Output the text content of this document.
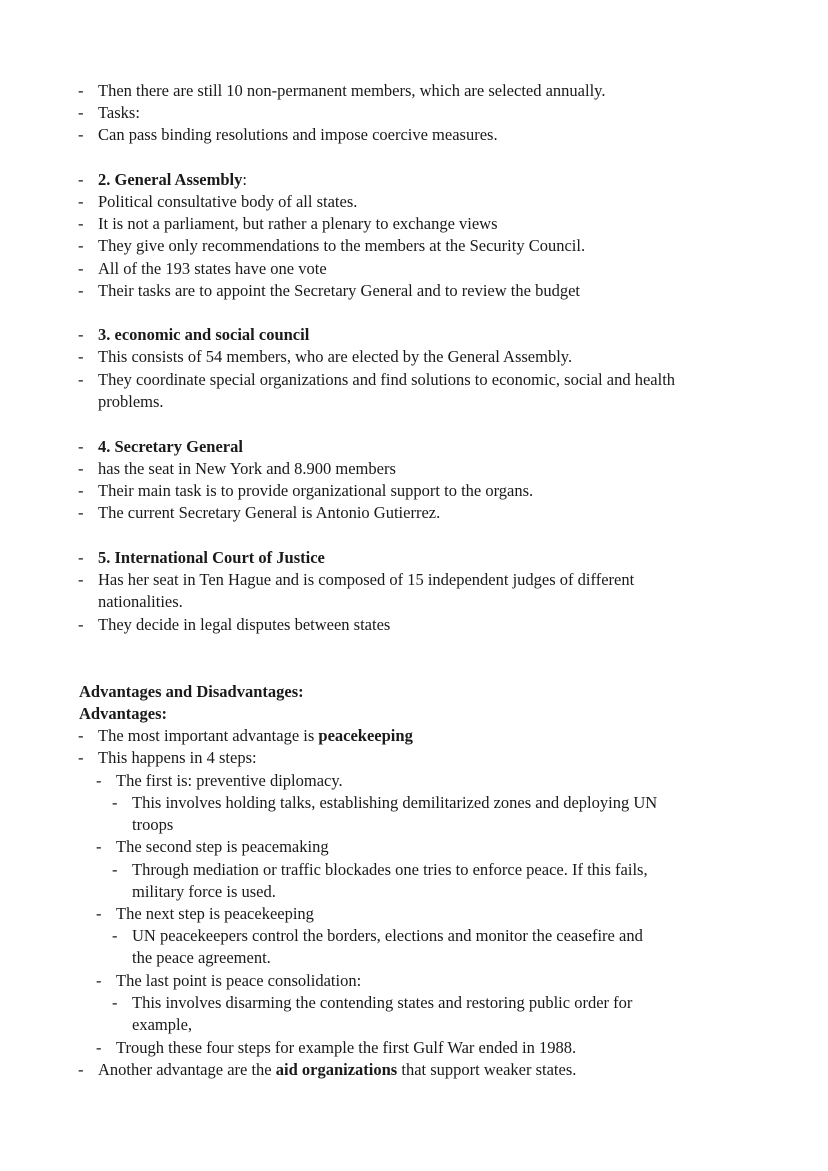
- Then there are still 10 non-permanent members, which are selected annually.
- Tasks:
- Can pass binding resolutions and impose coercive measures.
- 2. General Assembly:
- Political consultative body of all states.
- It is not a parliament, but rather a plenary to exchange views
- They give only recommendations to the members at the Security Council.
- All of the 193 states have one vote
- Their tasks are to appoint the Secretary General and to review the budget
- 3. economic and social council
- This consists of 54 members, who are elected by the General Assembly.
- They coordinate special organizations and find solutions to economic, social and health
problems.
- 4. Secretary General
- has the seat in New York and 8.900 members
- Their main task is to provide organizational support to the organs.
- The current Secretary General is Antonio Gutierrez.
- 5. International Court of Justice
- Has her seat in Ten Hague and is composed of 15 independent judges of different
nationalities.
- They decide in legal disputes between states
Advantages and Disadvantages:
Advantages:
- The most important advantage is peacekeeping
- This happens in 4 steps:
- The first is: preventive diplomacy.
- This involves holding talks, establishing demilitarized zones and deploying UN
troops
- The second step is peacemaking
- Through mediation or traffic blockades one tries to enforce peace. If this fails,
military force is used.
- The next step is peacekeeping
- UN peacekeepers control the borders, elections and monitor the ceasefire and
the peace agreement.
- The last point is peace consolidation:
- This involves disarming the contending states and restoring public order for
example,
- Trough these four steps for example the first Gulf War ended in 1988.
- Another advantage are the aid organizations that support weaker states.
